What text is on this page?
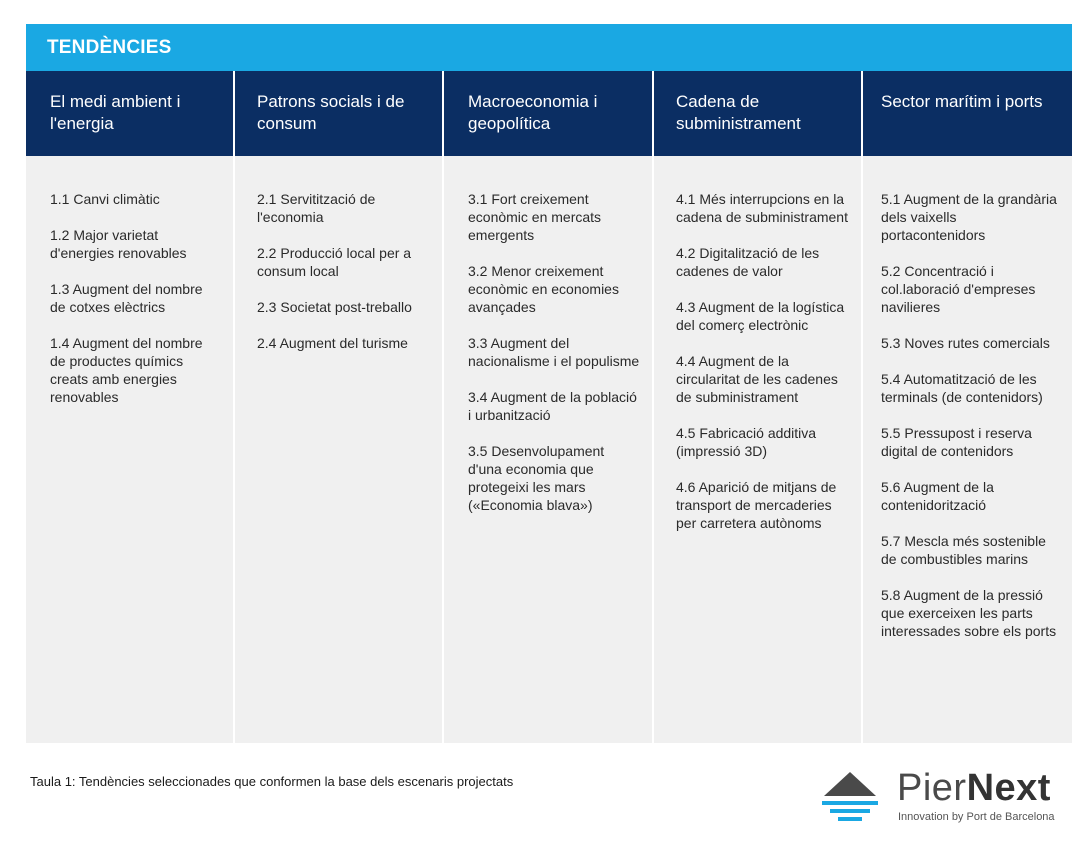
TENDÈNCIES
El medi ambient i l'energia
1.1 Canvi climàtic
1.2 Major varietat d'energies renovables
1.3 Augment del nombre de cotxes elèctrics
1.4 Augment del nombre de productes químics creats amb energies renovables
Patrons socials i de consum
2.1 Servitització de l'economia
2.2 Producció local per a consum local
2.3 Societat post-treballo
2.4 Augment del turisme
Macroeconomia i geopolítica
3.1 Fort creixement econòmic en mercats emergents
3.2 Menor creixement econòmic en economies avançades
3.3 Augment del nacionalisme i el populisme
3.4 Augment de la població i urbanització
3.5 Desenvolupament d'una economia que protegeixi les mars («Economia blava»)
Cadena de subministrament
4.1 Més interrupcions en la cadena de subministrament
4.2 Digitalització de les cadenes de valor
4.3 Augment de la logística del comerç electrònic
4.4 Augment de la circularitat de les cadenes de subministrament
4.5 Fabricació additiva (impressió 3D)
4.6 Aparició de mitjans de transport de mercaderies per carretera autònoms
Sector marítim i ports
5.1 Augment de la grandària dels vaixells portacontenidors
5.2 Concentració i col.laboració d'empreses navilieres
5.3 Noves rutes comercials
5.4 Automatització de les terminals (de contenidors)
5.5 Pressupost i reserva digital de contenidors
5.6 Augment de la contenidorització
5.7 Mescla més sostenible de combustibles marins
5.8 Augment de la pressió que exerceixen les parts interessades sobre els ports
Taula 1: Tendències seleccionades que conformen la base dels escenaris projectats	PierNext
Innovation by Port de Barcelona
